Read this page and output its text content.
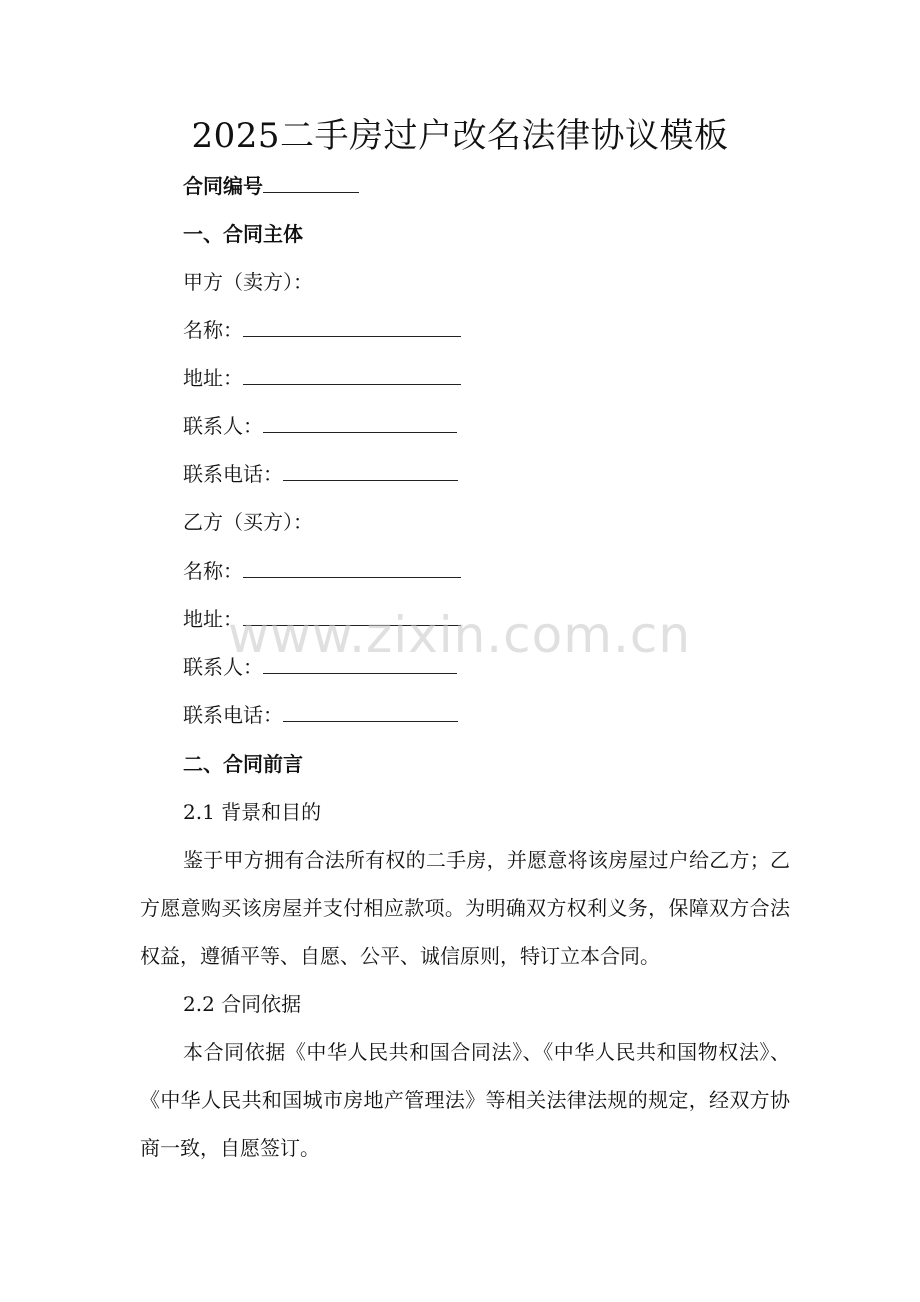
2025二手房过户改名法律协议模板
合同编号
一、合同主体
甲方（卖方）：
名称：
地址：
联系人：
联系电话：
乙方（买方）：
名称：
地址：
联系人：
联系电话：
二、合同前言
2.1 背景和目的
鉴于甲方拥有合法所有权的二手房，并愿意将该房屋过户给乙方；乙方愿意购买该房屋并支付相应款项。为明确双方权利义务，保障双方合法权益，遵循平等、自愿、公平、诚信原则，特订立本合同。
2.2 合同依据
本合同依据《中华人民共和国合同法》、《中华人民共和国物权法》、《中华人民共和国城市房地产管理法》等相关法律法规的规定，经双方协商一致，自愿签订。
www.zixin.com.cn
